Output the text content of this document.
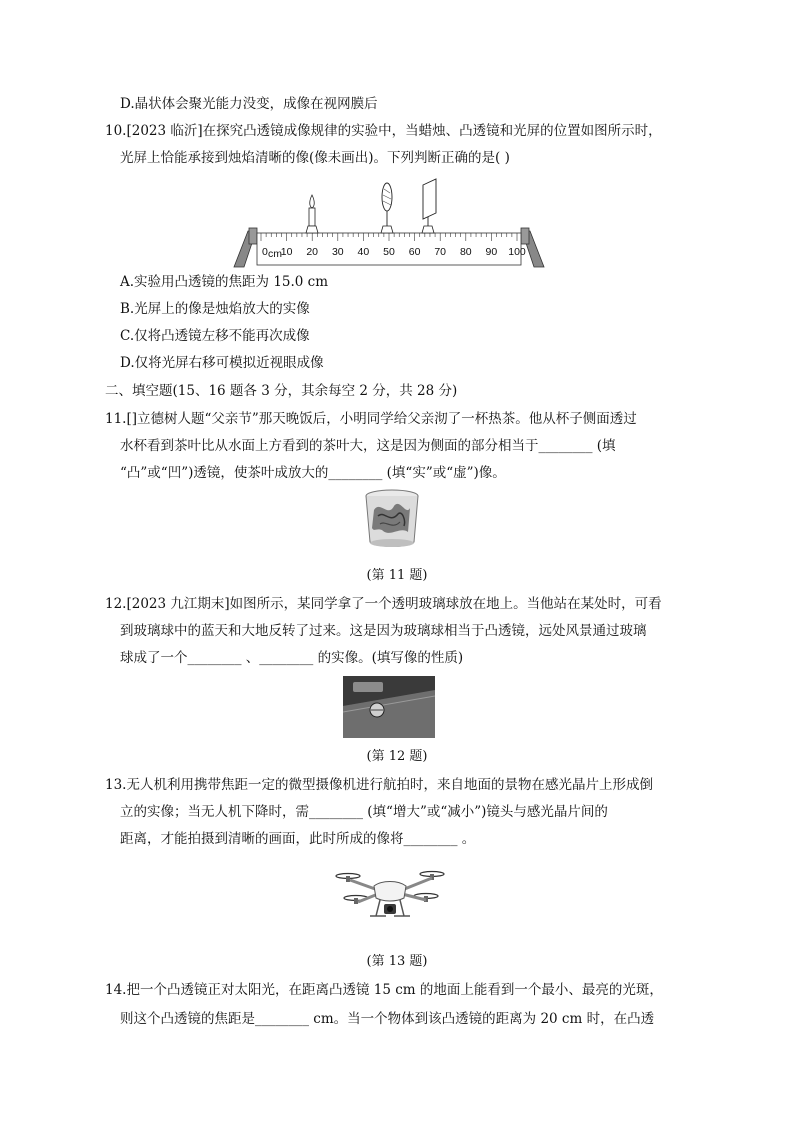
D.晶状体会聚光能力没变，成像在视网膜后
10.[2023 临沂]在探究凸透镜成像规律的实验中，当蜡烛、凸透镜和光屏的位置如图所示时，
光屏上恰能承接到烛焰清晰的像(像未画出)。下列判断正确的是( )
0 10 20 30 40 50 60 70 80 90 100
cm
A.实验用凸透镜的焦距为 15.0 cm
B.光屏上的像是烛焰放大的实像
C.仅将凸透镜左移不能再次成像
D.仅将光屏右移可模拟近视眼成像
二、填空题(15、16 题各 3 分，其余每空 2 分，共 28 分)
11.[]立德树人题“父亲节”那天晚饭后，小明同学给父亲沏了一杯热茶。他从杯子侧面透过
水杯看到茶叶比从水面上方看到的茶叶大，这是因为侧面的部分相当于________ (填
“凸”或“凹”)透镜，使茶叶成放大的________ (填“实”或“虚”)像。
(第 11 题)
12.[2023 九江期末]如图所示，某同学拿了一个透明玻璃球放在地上。当他站在某处时，可看
到玻璃球中的蓝天和大地反转了过来。这是因为玻璃球相当于凸透镜，远处风景通过玻璃
球成了一个________ 、________ 的实像。(填写像的性质)
(第 12 题)
13.无人机利用携带焦距一定的微型摄像机进行航拍时，来自地面的景物在感光晶片上形成倒
立的实像；当无人机下降时，需________ (填“增大”或“减小”)镜头与感光晶片间的
距离，才能拍摄到清晰的画面，此时所成的像将________ 。
(第 13 题)
14.把一个凸透镜正对太阳光，在距离凸透镜 15 cm 的地面上能看到一个最小、最亮的光斑，
则这个凸透镜的焦距是________ cm。当一个物体到该凸透镜的距离为 20 cm 时，在凸透
